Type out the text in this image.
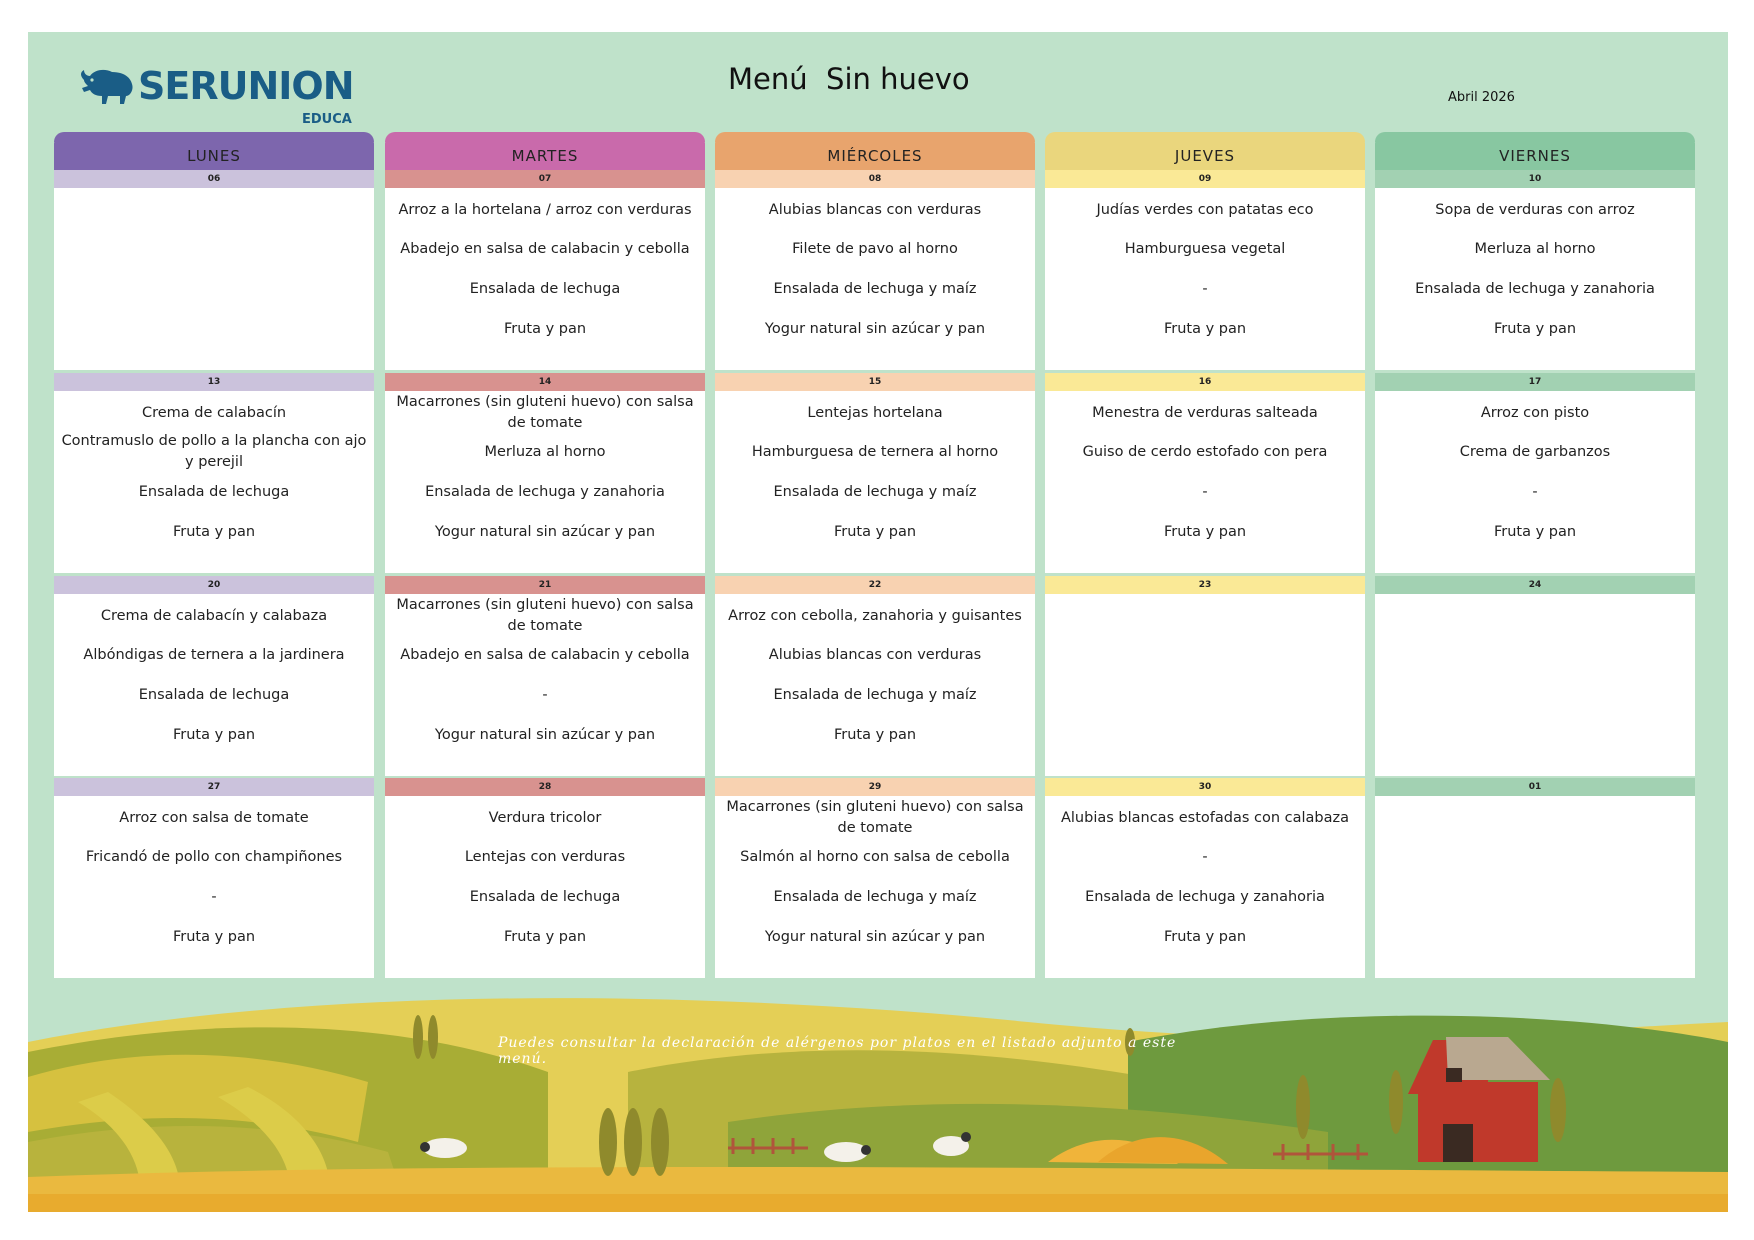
SERUNION
EDUCA
Menú  Sin huevo
Abril 2026
LUNES
06
13
Crema de calabacín
Contramuslo de pollo a la plancha con ajo y perejil
Ensalada de lechuga
Fruta y pan
20
Crema de calabacín y calabaza
Albóndigas de ternera a la jardinera
Ensalada de lechuga
Fruta y pan
27
Arroz con salsa de tomate
Fricandó de pollo con champiñones
-
Fruta y pan
MARTES
07
Arroz a la hortelana / arroz con verduras
Abadejo en salsa de calabacin y cebolla
Ensalada de lechuga
Fruta y pan
14
Macarrones (sin gluteni huevo) con salsa de tomate
Merluza al horno
Ensalada de lechuga y zanahoria
Yogur natural sin azúcar y pan
21
Macarrones (sin gluteni huevo) con salsa de tomate
Abadejo en salsa de calabacin y cebolla
-
Yogur natural sin azúcar y pan
28
Verdura tricolor
Lentejas con verduras
Ensalada de lechuga
Fruta y pan
MIÉRCOLES
08
Alubias blancas con verduras
Filete de pavo al horno
Ensalada de lechuga y maíz
Yogur natural sin azúcar y pan
15
Lentejas hortelana
Hamburguesa de ternera al horno
Ensalada de lechuga y maíz
Fruta y pan
22
Arroz con cebolla, zanahoria y guisantes
Alubias blancas con verduras
Ensalada de lechuga y maíz
Fruta y pan
29
Macarrones (sin gluteni huevo) con salsa de tomate
Salmón al horno con salsa de cebolla
Ensalada de lechuga y maíz
Yogur natural sin azúcar y pan
JUEVES
09
Judías verdes con patatas eco
Hamburguesa vegetal
-
Fruta y pan
16
Menestra de verduras salteada
Guiso de cerdo estofado con pera
-
Fruta y pan
23
30
Alubias blancas estofadas con calabaza
-
Ensalada de lechuga y zanahoria
Fruta y pan
VIERNES
10
Sopa de verduras con arroz
Merluza al horno
Ensalada de lechuga y zanahoria
Fruta y pan
17
Arroz con pisto
Crema de garbanzos
-
Fruta y pan
24
01
Puedes consultar la declaración de alérgenos por platos en el listado adjunto a este menú.
